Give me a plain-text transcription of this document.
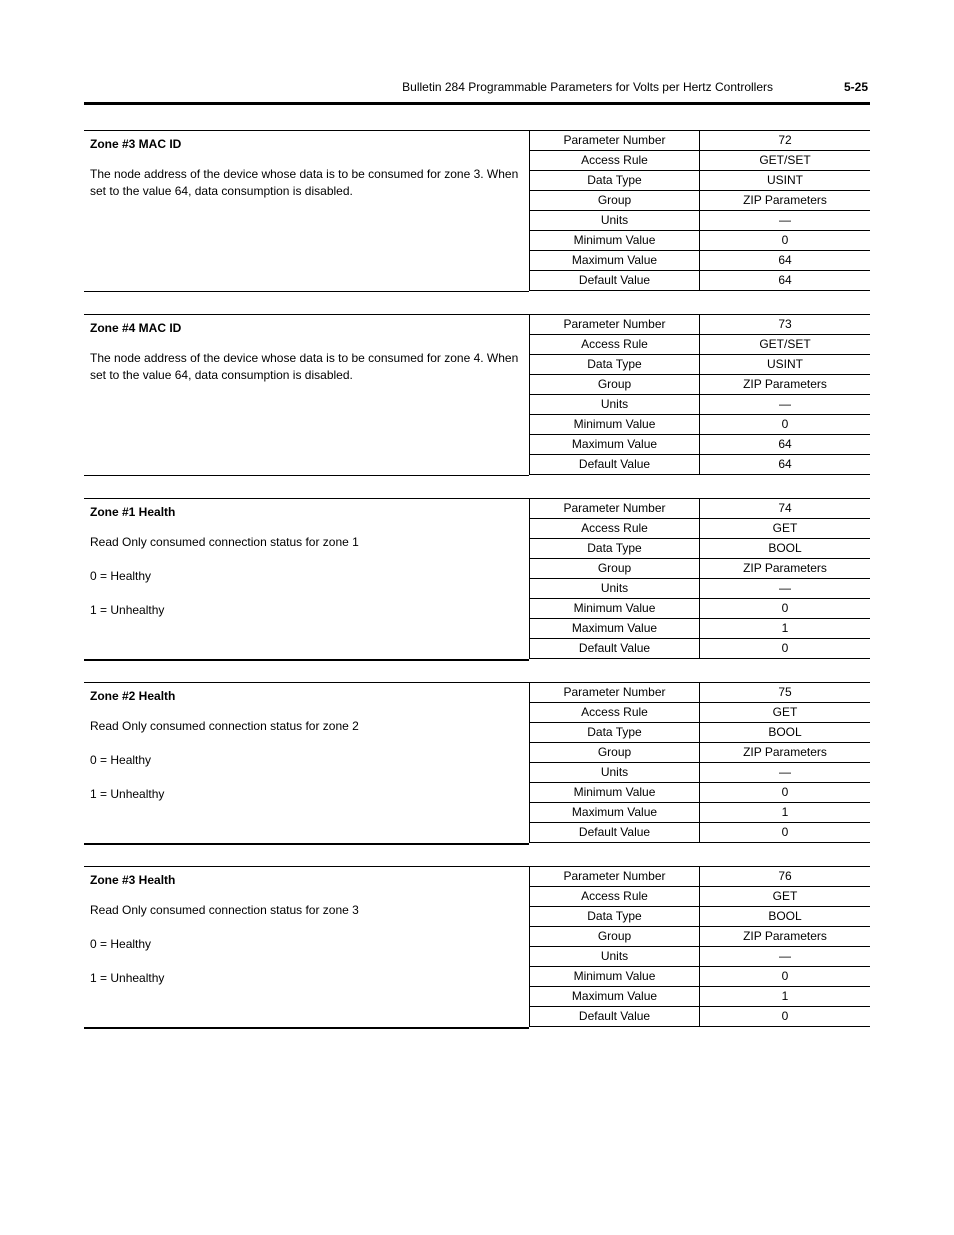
Bulletin 284 Programmable Parameters for Volts per Hertz Controllers	5-25
Zone #3 MAC ID

The node address of the device whose data is to be consumed for zone 3. When set to the value 64, data consumption is disabled.

Parameter Number	72
Access Rule	GET/SET
Data Type	USINT
Group	ZIP Parameters
Units	—
Minimum Value	0
Maximum Value	64
Default Value	64
Zone #4 MAC ID

The node address of the device whose data is to be consumed for zone 4. When set to the value 64, data consumption is disabled.

Parameter Number	73
Access Rule	GET/SET
Data Type	USINT
Group	ZIP Parameters
Units	—
Minimum Value	0
Maximum Value	64
Default Value	64
Zone #1 Health

Read Only consumed connection status for zone 1

0 = Healthy

1 = Unhealthy

Parameter Number	74
Access Rule	GET
Data Type	BOOL
Group	ZIP Parameters
Units	—
Minimum Value	0
Maximum Value	1
Default Value	0
Zone #2 Health

Read Only consumed connection status for zone 2

0 = Healthy

1 = Unhealthy

Parameter Number	75
Access Rule	GET
Data Type	BOOL
Group	ZIP Parameters
Units	—
Minimum Value	0
Maximum Value	1
Default Value	0
Zone #3 Health

Read Only consumed connection status for zone 3

0 = Healthy

1 = Unhealthy

Parameter Number	76
Access Rule	GET
Data Type	BOOL
Group	ZIP Parameters
Units	—
Minimum Value	0
Maximum Value	1
Default Value	0
